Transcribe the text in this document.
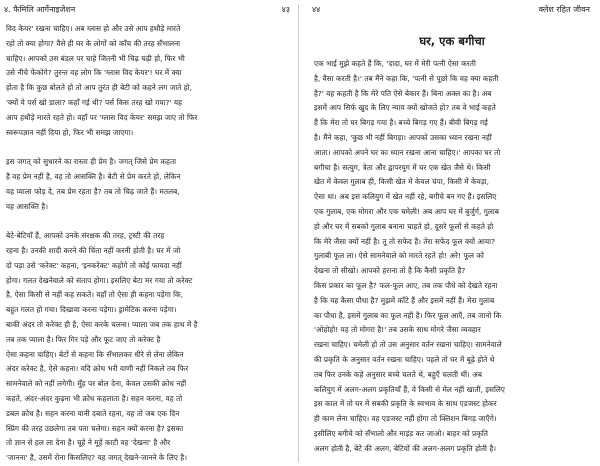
४. फैमिलि आर्गेनाइजेशन	४३
विद केयर' रखना चाहिए। अब ग्लास हो और उसे आप हथौड़े मारते
रहो तो क्या होगा? वैसे ही घर के लोगों को काँच की तरह सँभालना
चाहिए। आपको उस बंडल पर चाहे जितनी भी चिढ़ चढ़ी हो, फिर भी
उसे नीचे फेंकोगे? तुरन्त वह लोग कि 'ग्लास विद केयर'! घर में क्या
होता है कि कुछ बोलते हो तो आप तुरंत ही बेटी को कहने लग जाते हो,
'क्यों ये पर्स खो डाला? कहाँ गई थी? पर्स किस तरह खो गया?' यह
आप हथौड़े मारते रहते हो। वहाँ पर 'ग्लास विद केयर' समझ जाए तो फिर
स्वरूपज्ञान नहीं दिया हो, फिर भी समझ जाएगा।

इस जगत् को सुधारने का रास्ता ही प्रेम है। जगत् जिसे प्रेम कहता
है वह प्रेम नहीं है, वह तो आसक्ति है। बेटी से प्रेम करते हो, लेकिन
वह प्याला फोड़ दे, तब प्रेम रहता है? तब तो चिढ़ जाते हैं। मतलब,
वह आसक्ति है।

बेटे-बेटियाँ हैं, आपको उनके संरक्षक की तरह, ट्रस्टी की तरह
रहना है। उनकी शादी करने की चिंता नहीं करनी होती है। घर में जो
दो पड़ा उसे 'करेक्ट' कहना, 'इनकरेक्ट' कहोगे तो कोई फायदा नहीं
होगा। गलत देखनेवाले को संताप होगा। इसलिए बेटा मर गया तो करेक्ट
है, ऐसा किसी से नहीं कह सकते। वहाँ तो ऐसा ही कहना पड़ेगा कि,
बहुत गलत हो गया। दिखावा करना पड़ेगा। ड्रामेटिक करना पड़ेगा।
बाकी अंदर तो करेक्ट ही है, ऐसा करके चलना। प्याला जब तक हाथ में है
तब तक प्याला है। फिर गिर पड़े और फूट जाए तो करेक्ट है
ऐसा कहना चाहिए। बेटों से कहना कि सँभालकर धीरे से लेना लेकिन
अंदर करेक्ट है, ऐसे कहना। यदि क्रोध भरी वाणी नहीं निकले तब फिर
सामनेवाले को नहीं लगेगी। मुँह पर बोल देना, केवल उसकी क्रोध नहीं
कहते, अंदर-अंदर कुढ़ना भी क्रोध कहलाता है। सहन करना, वह तो
डबल क्रोध है। सहन करना यानी दबाते रहना, वह तो जब एक दिन
स्प्रिंग की तरह उछलेगा तब पता चलेगा। सहन क्यों करना है? इसका
तो ज्ञान से हल ला देना है। चूहे ने मूहें काटी वह 'देखना' है और
'जानना' है, उसमें रोना किसलिए? यह जगत् देखने-जानने के लिए है।
४४	क्लेश रहित जीवन
घर, एक बगीचा
एक भाई मुझे कहते हैं कि, 'दादा, घर में मेरी पत्नी ऐसा करती
है, वैसा करती है।' तब मैंने कहा कि, 'पत्नी से पूछो कि वह क्या कहती
है?' वह कहती है कि मेरे पति ऐसे बेकार हैं। बिना अक्ल का है। अब
इसमें आप सिर्फ खुद के लिए न्याय क्यों खोजते हो? तब वे भाई कहते
हैं कि मेरा तो घर बिगड़ गया है। बच्चे बिगड़ गए हैं। बीवी बिगड़ गई
है। मैंने कहा, 'कुछ भी नहीं बिगड़ा। आपको उसका ध्यान रखना नहीं
आता। आपको अपने घर का ध्यान रखना आना चाहिए।' आपका घर तो
बगीचा है। सत्युग, त्रेता और द्वापरयुग में घर एक खेत जैसे थे। किसी
खेत में केवल गुलाब ही, किसी खेत में केवल चंपा, किसी में केवड़ा,
ऐसा था। अब इस कलियुग में खेत नहीं रहे, बगीचे बन गए हैं। इसलिए
एक गुलाब, एक मोगरा और एक चमेली! अब आप घर में बुर्जुर्ग, गुलाब
हो और घर में सबको गुलाब बनाना चाहते हो, दूसरे फूलों से कहते हो
कि मेरे जैसा क्यों नहीं है। तू तो सफेद है। तेरा सफेद फूल क्यों आया?
गुलाबी फूल ला। ऐसे सामनेवाले को मारते रहते हो! अरे! फूल को
देखना तो सीखो। आपको हराना तो है कि कैसी प्रकृति है?
किस प्रकार का फूल है? फल-फूल आए, तब तक पौधे को देखते रहना
है कि यह कैसा पौधा है? मुझमें काँटे हैं और इसमें नहीं हैं। मेरा गुलाब
का पौधा है, इसमें गुलाब का फूल नहीं है। फिर फूल आएँ, तब जानो कि
'ओहोहो! यह तो मोगरा है!' तब उसके साथ मोगरे जैसा व्यवहार
रखना चाहिए। चमेली हो तो उस अनुसार वर्तन रखना चाहिए। सामनेवाले
की प्रकृति के अनुसार वर्तन रखना चाहिए। पहले तो घर में बूढ़े होते थे
तब फिर उनके कहे अनुसार बच्चे चलते थे, बहुएँ चलती थीं। अब
कलियुग में अलग-अलग प्रकृतियाँ हैं, वे किसी से मेल नहीं खातीं, इसलिए
इस काल में तो घर में सबकी प्रकृति के स्वभाव के साथ एडजस्ट होकर
ही काम लेना चाहिए। वह एडजस्ट नहीं होगा तो क्लिशन बिगड़ जाएँगे।
इसीलिए बगीचे को सँभालो और माइंड कर जाओ। बाहर को प्रकृति
अलग होती है, बेटे की अलग, बेटियों की अलग-अलग प्रकृति होती है।
